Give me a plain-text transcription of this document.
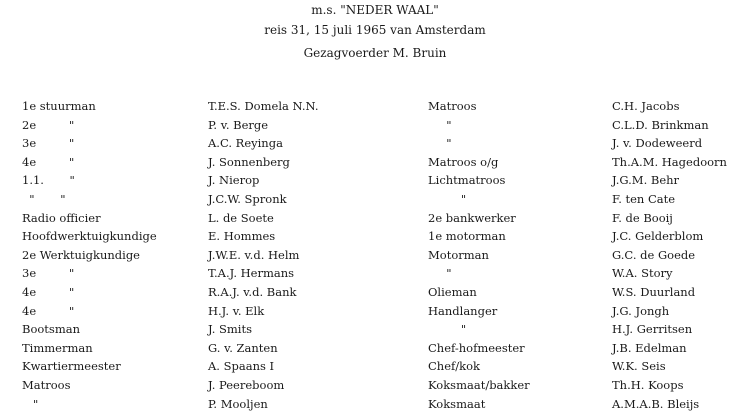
m.s. "NEDER WAAL"
reis 31, 15 juli 1965 van Amsterdam
Gezagvoerder M. Bruin
1e stuurman	T.E.S. Domela N.N.	Matroos	C.H. Jacobs
2e         "	P. v. Berge	"	C.L.D. Brinkman
3e         "	A.C. Reyinga	"	J. v. Dodeweerd
4e         "	J. Sonnenberg	Matroos o/g	Th.A.M. Hagedoorn
1.1.       "	J. Nierop	Lichtmatroos	J.G.M. Behr
"       "	J.C.W. Spronk	"	F. ten Cate
Radio officier	L. de Soete	2e bankwerker	F. de Booij
Hoofdwerktuigkundige	E. Hommes	1e motorman	J.C. Gelderblom
2e Werktuigkundige	J.W.E. v.d. Helm	Motorman	G.C. de Goede
3e         "	T.A.J. Hermans	"	W.A. Story
4e         "	R.A.J. v.d. Bank	Olieman	W.S. Duurland
4e         "	H.J. v. Elk	Handlanger	J.G. Jongh
Bootsman	J. Smits	"	H.J. Gerritsen
Timmerman	G. v. Zanten	Chef-hofmeester	J.B. Edelman
Kwartiermeester	A. Spaans I	Chef/kok	W.K. Seis
Matroos	J. Peereboom	Koksmaat/bakker	Th.H. Koops
"	P. Mooljen	Koksmaat	A.M.A.B. Bleijs
